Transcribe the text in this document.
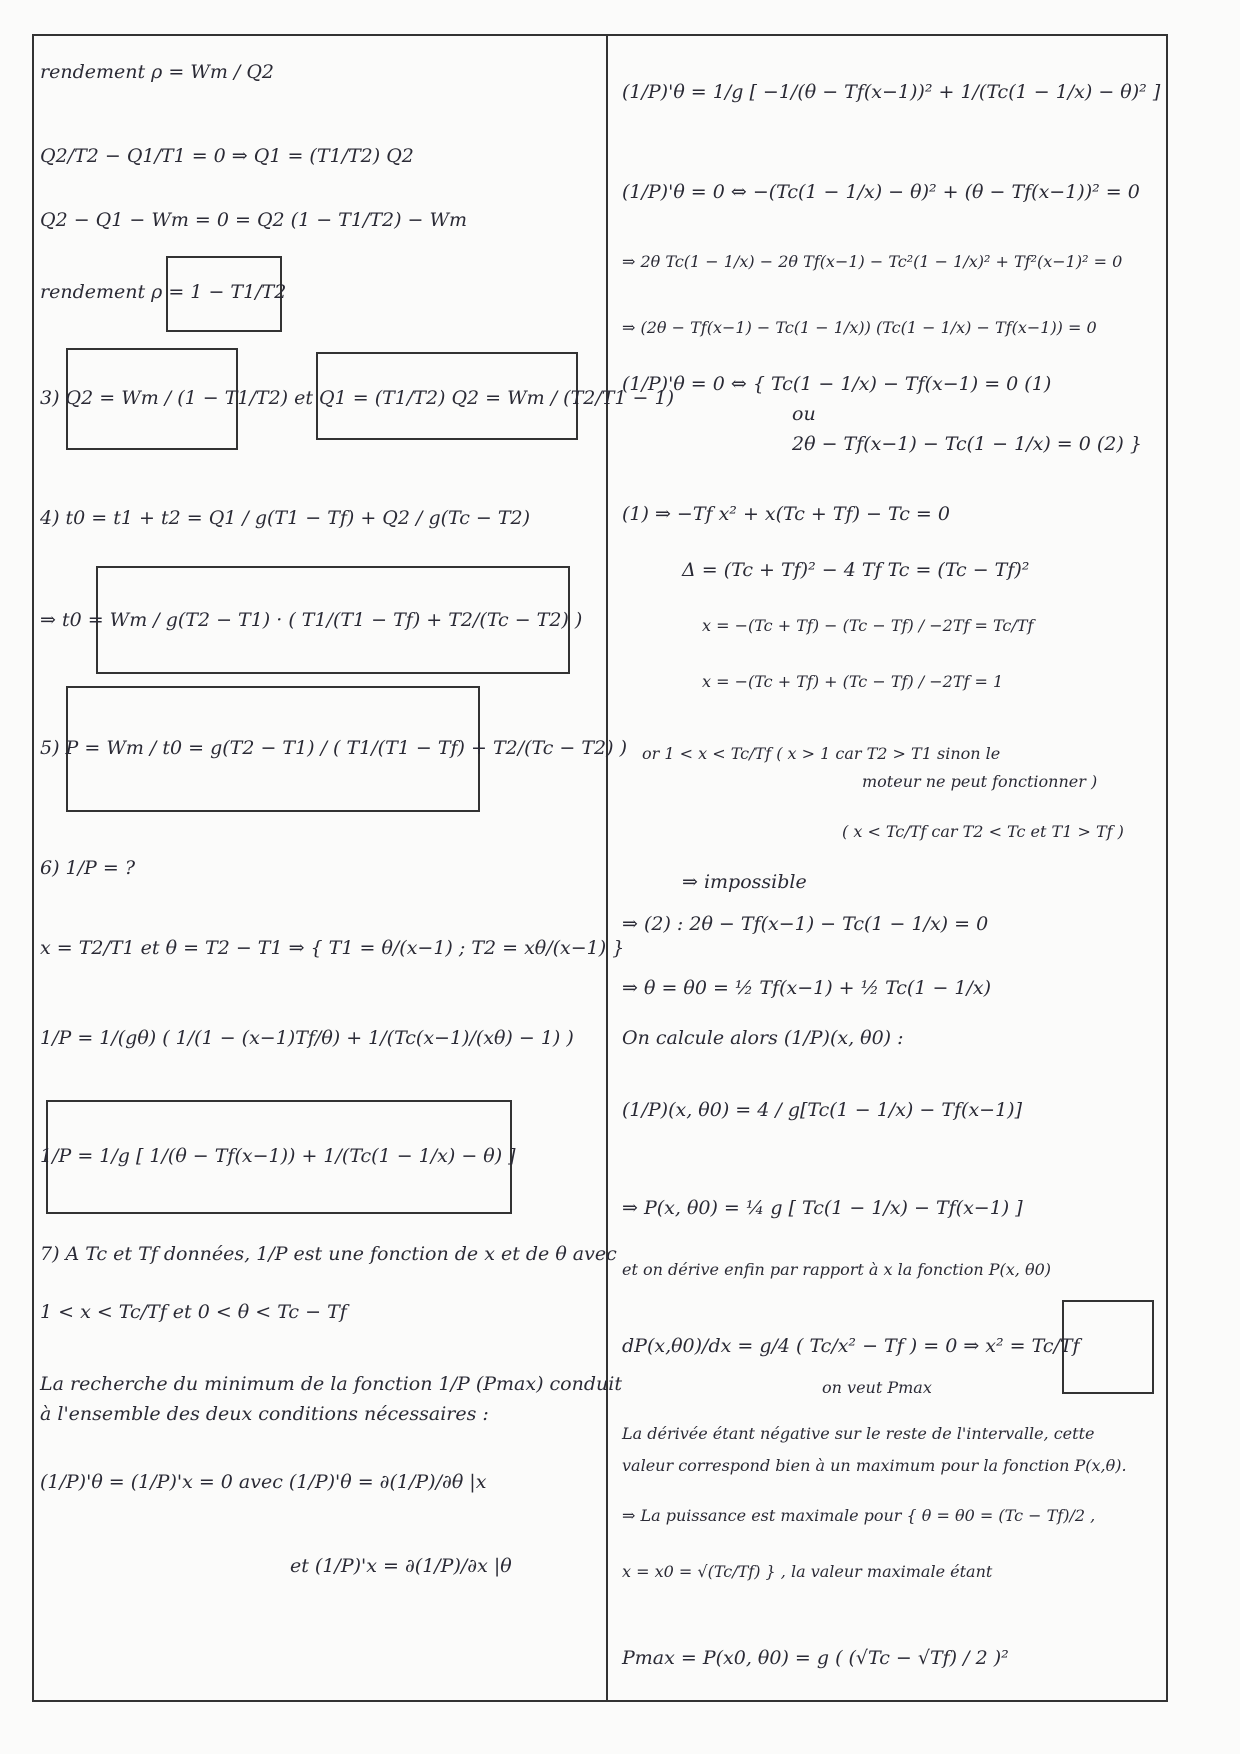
rendement ρ = Wm / Q2
Q2/T2 − Q1/T1 = 0 ⇒ Q1 = (T1/T2) Q2
Q2 − Q1 − Wm = 0 = Q2 (1 − T1/T2) − Wm
rendement ρ = 1 − T1/T2
3) Q2 = Wm / (1 − T1/T2) et Q1 = (T1/T2) Q2 = Wm / (T2/T1 − 1)
4) t0 = t1 + t2 = Q1 / g(T1 − Tf) + Q2 / g(Tc − T2)
⇒ t0 = Wm / g(T2 − T1) · ( T1/(T1 − Tf) + T2/(Tc − T2) )
5) P = Wm / t0 = g(T2 − T1) / ( T1/(T1 − Tf) + T2/(Tc − T2) )
6) 1/P = ?
x = T2/T1 et θ = T2 − T1 ⇒ { T1 = θ/(x−1) ; T2 = xθ/(x−1) }
1/P = 1/(gθ) ( 1/(1 − (x−1)Tf/θ) + 1/(Tc(x−1)/(xθ) − 1) )
1/P = 1/g [ 1/(θ − Tf(x−1)) + 1/(Tc(1 − 1/x) − θ) ]
7) A Tc et Tf données, 1/P est une fonction de x et de θ avec
1 < x < Tc/Tf et 0 < θ < Tc − Tf
La recherche du minimum de la fonction 1/P (Pmax) conduit
à l'ensemble des deux conditions nécessaires :
(1/P)'θ = (1/P)'x = 0 avec (1/P)'θ = ∂(1/P)/∂θ |x
et (1/P)'x = ∂(1/P)/∂x |θ
(1/P)'θ = 1/g [ −1/(θ − Tf(x−1))² + 1/(Tc(1 − 1/x) − θ)² ]
(1/P)'θ = 0 ⇔ −(Tc(1 − 1/x) − θ)² + (θ − Tf(x−1))² = 0
⇒ 2θ Tc(1 − 1/x) − 2θ Tf(x−1) − Tc²(1 − 1/x)² + Tf²(x−1)² = 0
⇒ (2θ − Tf(x−1) − Tc(1 − 1/x)) (Tc(1 − 1/x) − Tf(x−1)) = 0
(1/P)'θ = 0 ⇔ { Tc(1 − 1/x) − Tf(x−1) = 0 (1)
ou
2θ − Tf(x−1) − Tc(1 − 1/x) = 0 (2) }
(1) ⇒ −Tf x² + x(Tc + Tf) − Tc = 0
Δ = (Tc + Tf)² − 4 Tf Tc = (Tc − Tf)²
x = −(Tc + Tf) − (Tc − Tf) / −2Tf = Tc/Tf
x = −(Tc + Tf) + (Tc − Tf) / −2Tf = 1
or 1 < x < Tc/Tf ( x > 1 car T2 > T1 sinon le
moteur ne peut fonctionner )
( x < Tc/Tf car T2 < Tc et T1 > Tf )
⇒ impossible
⇒ (2) : 2θ − Tf(x−1) − Tc(1 − 1/x) = 0
⇒ θ = θ0 = ½ Tf(x−1) + ½ Tc(1 − 1/x)
On calcule alors (1/P)(x, θ0) :
(1/P)(x, θ0) = 4 / g[Tc(1 − 1/x) − Tf(x−1)]
⇒ P(x, θ0) = ¼ g [ Tc(1 − 1/x) − Tf(x−1) ]
et on dérive enfin par rapport à x la fonction P(x, θ0)
dP(x,θ0)/dx = g/4 ( Tc/x² − Tf ) = 0 ⇒ x² = Tc/Tf
on veut Pmax
La dérivée étant négative sur le reste de l'intervalle, cette
valeur correspond bien à un maximum pour la fonction P(x,θ).
⇒ La puissance est maximale pour { θ = θ0 = (Tc − Tf)/2 ,
x = x0 = √(Tc/Tf) } , la valeur maximale étant
Pmax = P(x0, θ0) = g ( (√Tc − √Tf) / 2 )²
